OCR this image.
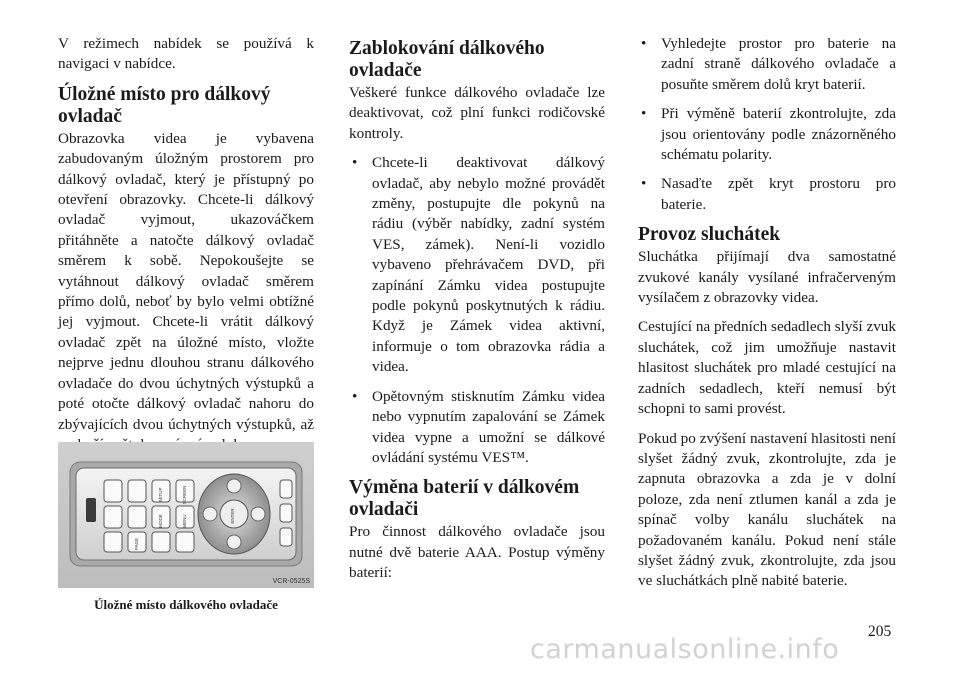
V režimech nabídek se používá k navigaci v nabídce.

Úložné místo pro dálkový ovladač

Obrazovka videa je vybavena zabudovaným úložným prostorem pro dálkový ovladač, který je přístupný po otevření obrazovky. Chcete-li dálkový ovladač vyjmout, ukazováčkem přitáhněte a natočte dálkový ovladač směrem k sobě. Nepokoušejte se vytáhnout dálkový ovladač směrem přímo dolů, neboť by bylo velmi obtížné jej vyjmout. Chcete-li vrátit dálkový ovladač zpět na úložné místo, vložte nejprve jednu dlouhou stranu dálkového ovladače do dvou úchytných výstupků a poté otočte dálkový ovladač nahoru do zbývajících dvou úchytných výstupků, až

SETUP
MODE
SCREEN
ENTER
MENU
PAGE
VCR-0525S

Úložné místo dálkového ovladače

Zablokování dálkového ovladače

Veškeré funkce dálkového ovladače lze deaktivovat, což plní funkci rodičovské kontroly.

• Chcete-li deaktivovat dálkový ovladač, aby nebylo možné provádět změny, postupujte dle pokynů na rádiu (výběr nabídky, zadní systém VES, zámek). Není-li vozidlo vybaveno přehrávačem DVD, při zapínání Zámku videa postupujte podle pokynů poskytnutých k rádiu. Když je Zámek videa aktivní, informuje o tom obrazovka rádia a videa.
• Opětovným stisknutím Zámku videa nebo vypnutím zapalování se Zámek videa vypne a umožní se dálkové ovládání systému VES™.
Výměna baterií v dálkovém ovladači

Pro činnost dálkového ovladače jsou nutné dvě baterie AAA. Postup výměny baterií:

• Vyhledejte prostor pro baterie na zadní straně dálkového ovladače a posuňte směrem dolů kryt baterií.
• Při výměně baterií zkontrolujte, zda jsou orientovány podle znázorněného schématu polarity.
• Nasaďte zpět kryt prostoru pro baterie.
Provoz sluchátek

Sluchátka přijímají dva samostatné zvukové kanály vysílané infračerveným vysílačem z obrazovky videa.

Cestující na předních sedadlech slyší zvuk sluchátek, což jim umožňuje nastavit hlasitost sluchátek pro mladé cestující na zadních sedadlech, kteří nemusí být schopni to sami provést.

Pokud po zvýšení nastavení hlasitosti není slyšet žádný zvuk, zkontrolujte, zda je zapnuta obrazovka a zda je v dolní poloze, zda není ztlumen kanál a zda je spínač volby kanálu sluchátek na požadovaném kanálu. Pokud není stále slyšet žádný zvuk, zkontrolujte, zda jsou ve sluchátkách plně nabité baterie.

205

carmanualsonline.info
